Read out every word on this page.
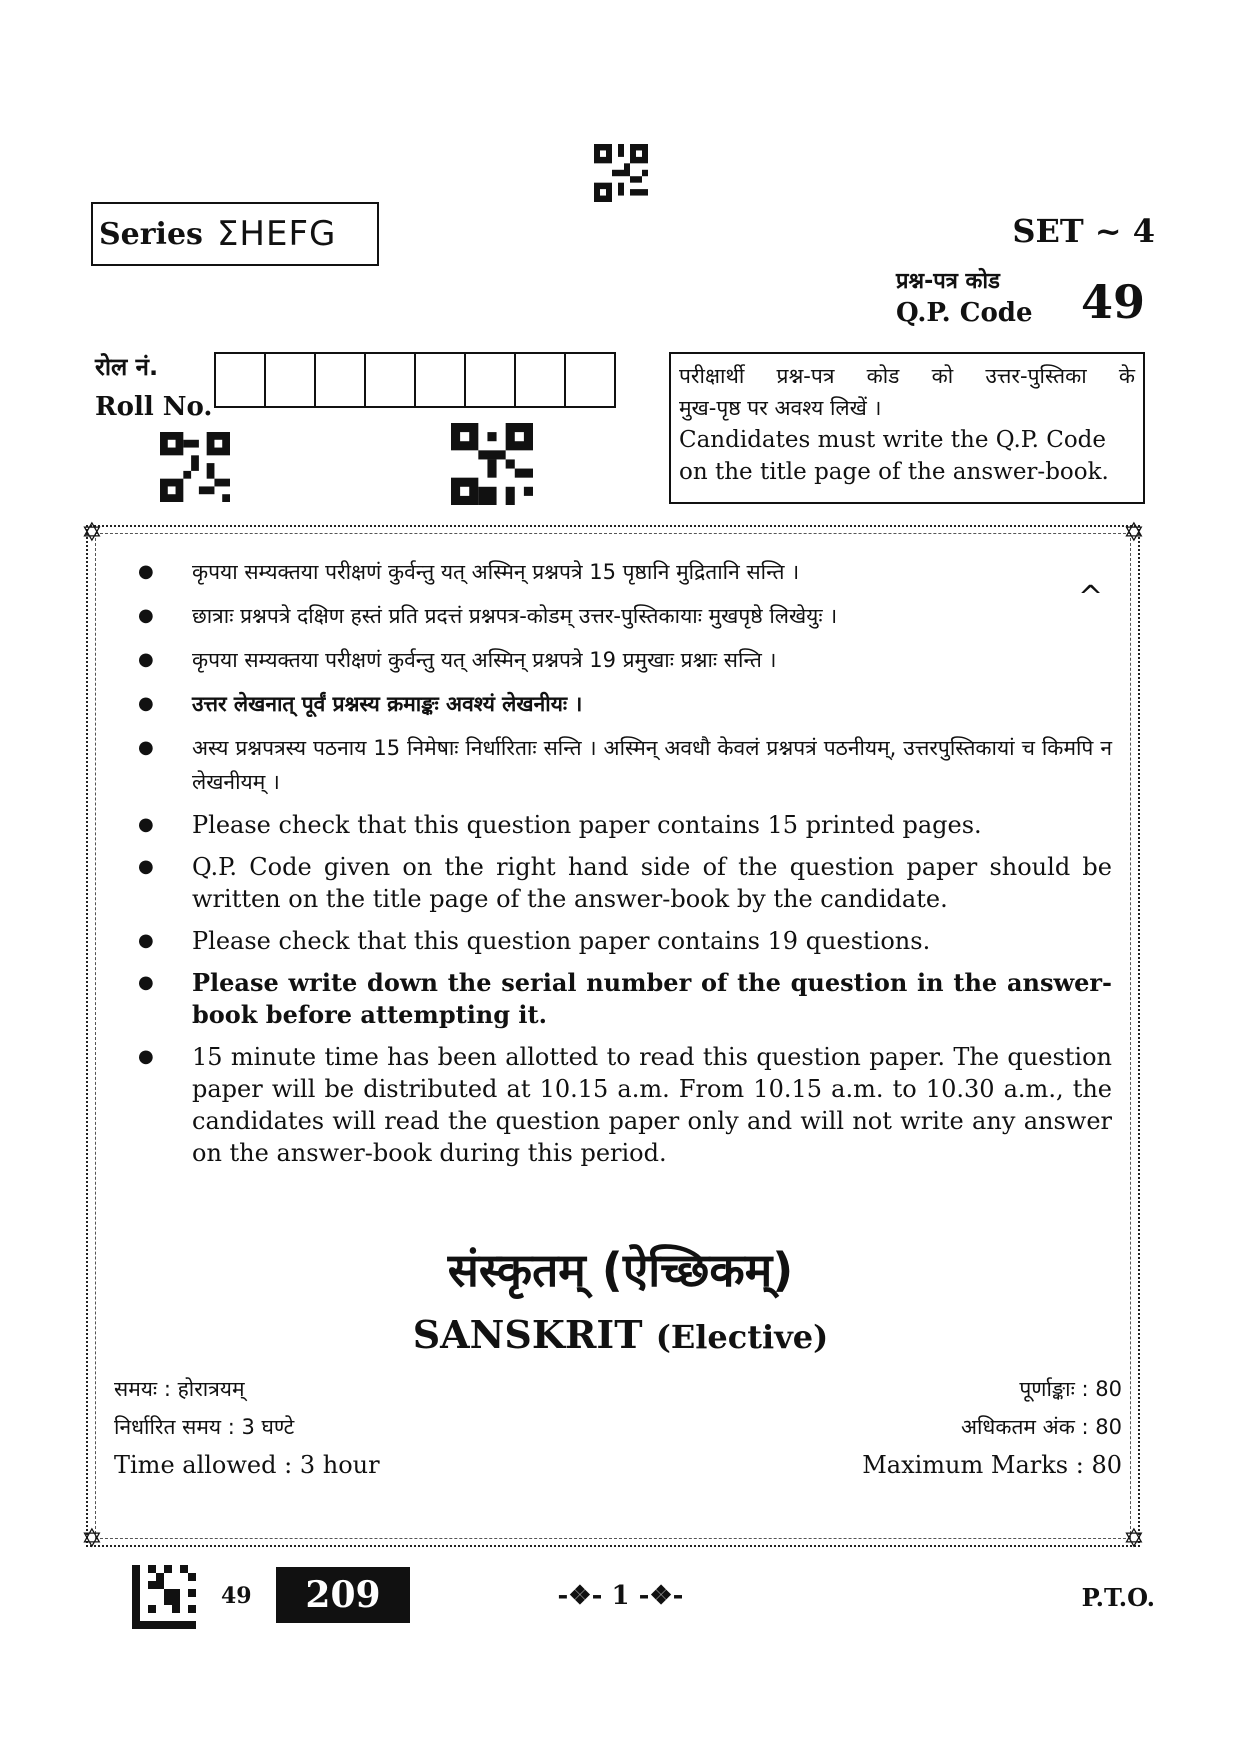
Series ΣHEFG	SET ~ 4
प्रश्न-पत्र कोड
Q.P. Code 49
रोल नं.
Roll No.
परीक्षार्थी प्रश्न-पत्र कोड को उत्तर-पुस्तिका के
मुख-पृष्ठ पर अवश्य लिखें ।
Candidates must write the Q.P. Code
on the title page of the answer-book.
✡	✡
✡	✡
^
● कृपया सम्यक्तया परीक्षणं कुर्वन्तु यत् अस्मिन् प्रश्नपत्रे 15 पृष्ठानि मुद्रितानि सन्ति ।
● छात्राः प्रश्नपत्रे दक्षिण हस्तं प्रति प्रदत्तं प्रश्नपत्र-कोडम् उत्तर-पुस्तिकायाः मुखपृष्ठे लिखेयुः ।
● कृपया सम्यक्तया परीक्षणं कुर्वन्तु यत् अस्मिन् प्रश्नपत्रे 19 प्रमुखाः प्रश्नाः सन्ति ।
● उत्तर लेखनात् पूर्वं प्रश्नस्य क्रमाङ्कः अवश्यं लेखनीयः ।
● अस्य प्रश्नपत्रस्य पठनाय 15 निमेषाः निर्धारिताः सन्ति । अस्मिन् अवधौ केवलं प्रश्नपत्रं पठनीयम्, उत्तरपुस्तिकायां च किमपि न लेखनीयम् ।
● Please check that this question paper contains 15 printed pages.
● Q.P. Code given on the right hand side of the question paper should be written on the title page of the answer-book by the candidate.
● Please check that this question paper contains 19 questions.
● Please write down the serial number of the question in the answer-book before attempting it.
● 15 minute time has been allotted to read this question paper. The question paper will be distributed at 10.15 a.m. From 10.15 a.m. to 10.30 a.m., the candidates will read the question paper only and will not write any answer on the answer-book during this period.
संस्कृतम् (ऐच्छिकम्)
SANSKRIT (Elective)
समयः : होरात्रयम्
निर्धारित समय : 3 घण्टे
Time allowed : 3 hour
पूर्णाङ्काः : 80
अधिकतम अंक : 80
Maximum Marks : 80
49	209	-❖- 1 -❖-	P.T.O.
